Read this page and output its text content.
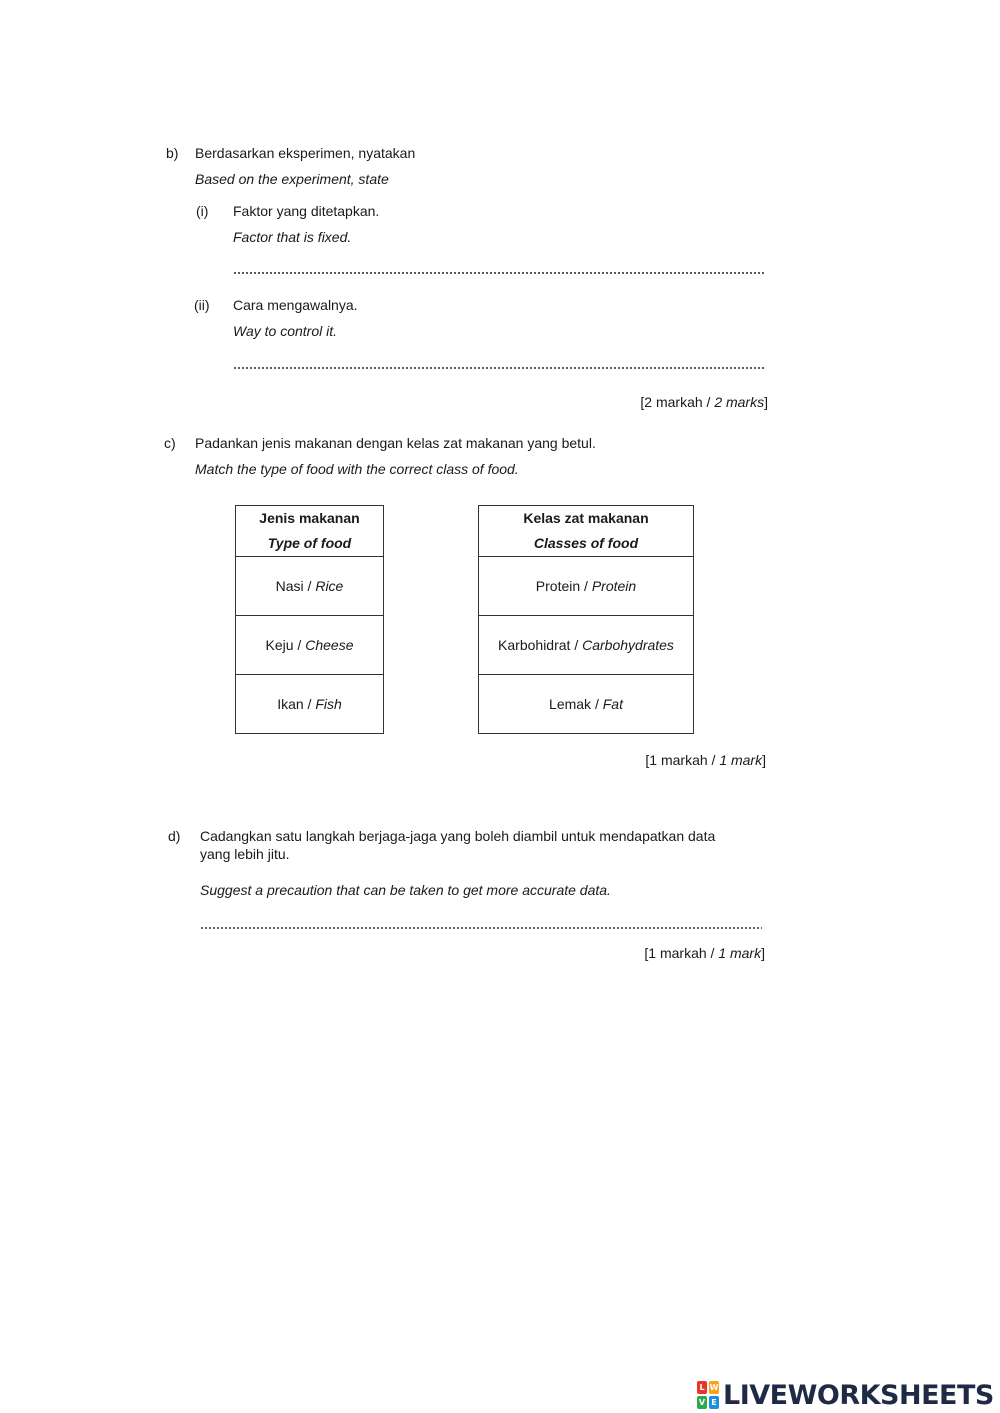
b) Berdasarkan eksperimen, nyatakan
Based on the experiment, state
(i) Faktor yang ditetapkan.
Factor that is fixed.
(ii) Cara mengawalnya.
Way to control it.
[2 markah / 2 marks]
c) Padankan jenis makanan dengan kelas zat makanan yang betul.
Match the type of food with the correct class of food.
Jenis makanan
Type of food
Nasi / Rice
Keju / Cheese
Ikan / Fish
Kelas zat makanan
Classes of food
Protein / Protein
Karbohidrat / Carbohydrates
Lemak / Fat
[1 markah / 1 mark]
d) Cadangkan satu langkah berjaga-jaga yang boleh diambil untuk mendapatkan data
yang lebih jitu.
Suggest a precaution that can be taken to get more accurate data.
[1 markah / 1 mark]
L W
V E LIVEWORKSHEETS
